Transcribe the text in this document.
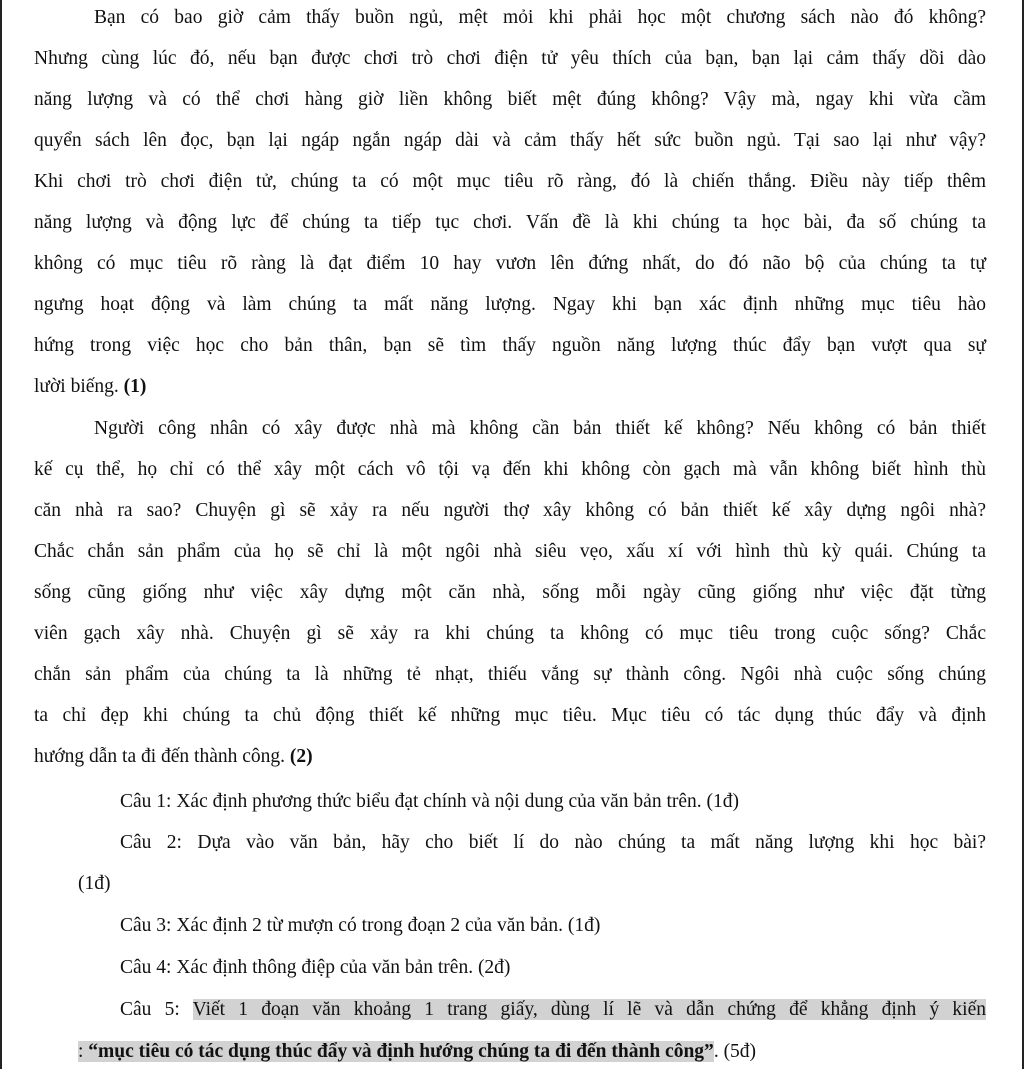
Bạn có bao giờ cảm thấy buồn ngủ, mệt mỏi khi phải học một chương sách nào đó không?
Nhưng cùng lúc đó, nếu bạn được chơi trò chơi điện tử yêu thích của bạn, bạn lại cảm thấy dồi dào
năng lượng và có thể chơi hàng giờ liền không biết mệt đúng không? Vậy mà, ngay khi vừa cầm
quyển sách lên đọc, bạn lại ngáp ngắn ngáp dài và cảm thấy hết sức buồn ngủ. Tại sao lại như vậy?
Khi chơi trò chơi điện tử, chúng ta có một mục tiêu rõ ràng, đó là chiến thắng. Điều này tiếp thêm
năng lượng và động lực để chúng ta tiếp tục chơi. Vấn đề là khi chúng ta học bài, đa số chúng ta
không có mục tiêu rõ ràng là đạt điểm 10 hay vươn lên đứng nhất, do đó não bộ của chúng ta tự
ngưng hoạt động và làm chúng ta mất năng lượng. Ngay khi bạn xác định những mục tiêu hào
hứng trong việc học cho bản thân, bạn sẽ tìm thấy nguồn năng lượng thúc đẩy bạn vượt qua sự
lười biếng. (1)
Người công nhân có xây được nhà mà không cần bản thiết kế không? Nếu không có bản thiết
kế cụ thể, họ chỉ có thể xây một cách vô tội vạ đến khi không còn gạch mà vẫn không biết hình thù
căn nhà ra sao? Chuyện gì sẽ xảy ra nếu người thợ xây không có bản thiết kế xây dựng ngôi nhà?
Chắc chắn sản phẩm của họ sẽ chỉ là một ngôi nhà siêu vẹo, xấu xí với hình thù kỳ quái. Chúng ta
sống cũng giống như việc xây dựng một căn nhà, sống mỗi ngày cũng giống như việc đặt từng
viên gạch xây nhà. Chuyện gì sẽ xảy ra khi chúng ta không có mục tiêu trong cuộc sống? Chắc
chắn sản phẩm của chúng ta là những tẻ nhạt, thiếu vắng sự thành công. Ngôi nhà cuộc sống chúng
ta chỉ đẹp khi chúng ta chủ động thiết kế những mục tiêu. Mục tiêu có tác dụng thúc đẩy và định
hướng dẫn ta đi đến thành công. (2)
Câu 1: Xác định phương thức biểu đạt chính và nội dung của văn bản trên. (1đ)
Câu 2: Dựa vào văn bản, hãy cho biết lí do nào chúng ta mất năng lượng khi học bài?
(1đ)
Câu 3: Xác định 2 từ mượn có trong đoạn 2 của văn bản. (1đ)
Câu 4: Xác định thông điệp của văn bản trên. (2đ)
Câu 5: Viết 1 đoạn văn khoảng 1 trang giấy, dùng lí lẽ và dẫn chứng để khẳng định ý kiến
: “mục tiêu có tác dụng thúc đẩy và định hướng chúng ta đi đến thành công”. (5đ)
